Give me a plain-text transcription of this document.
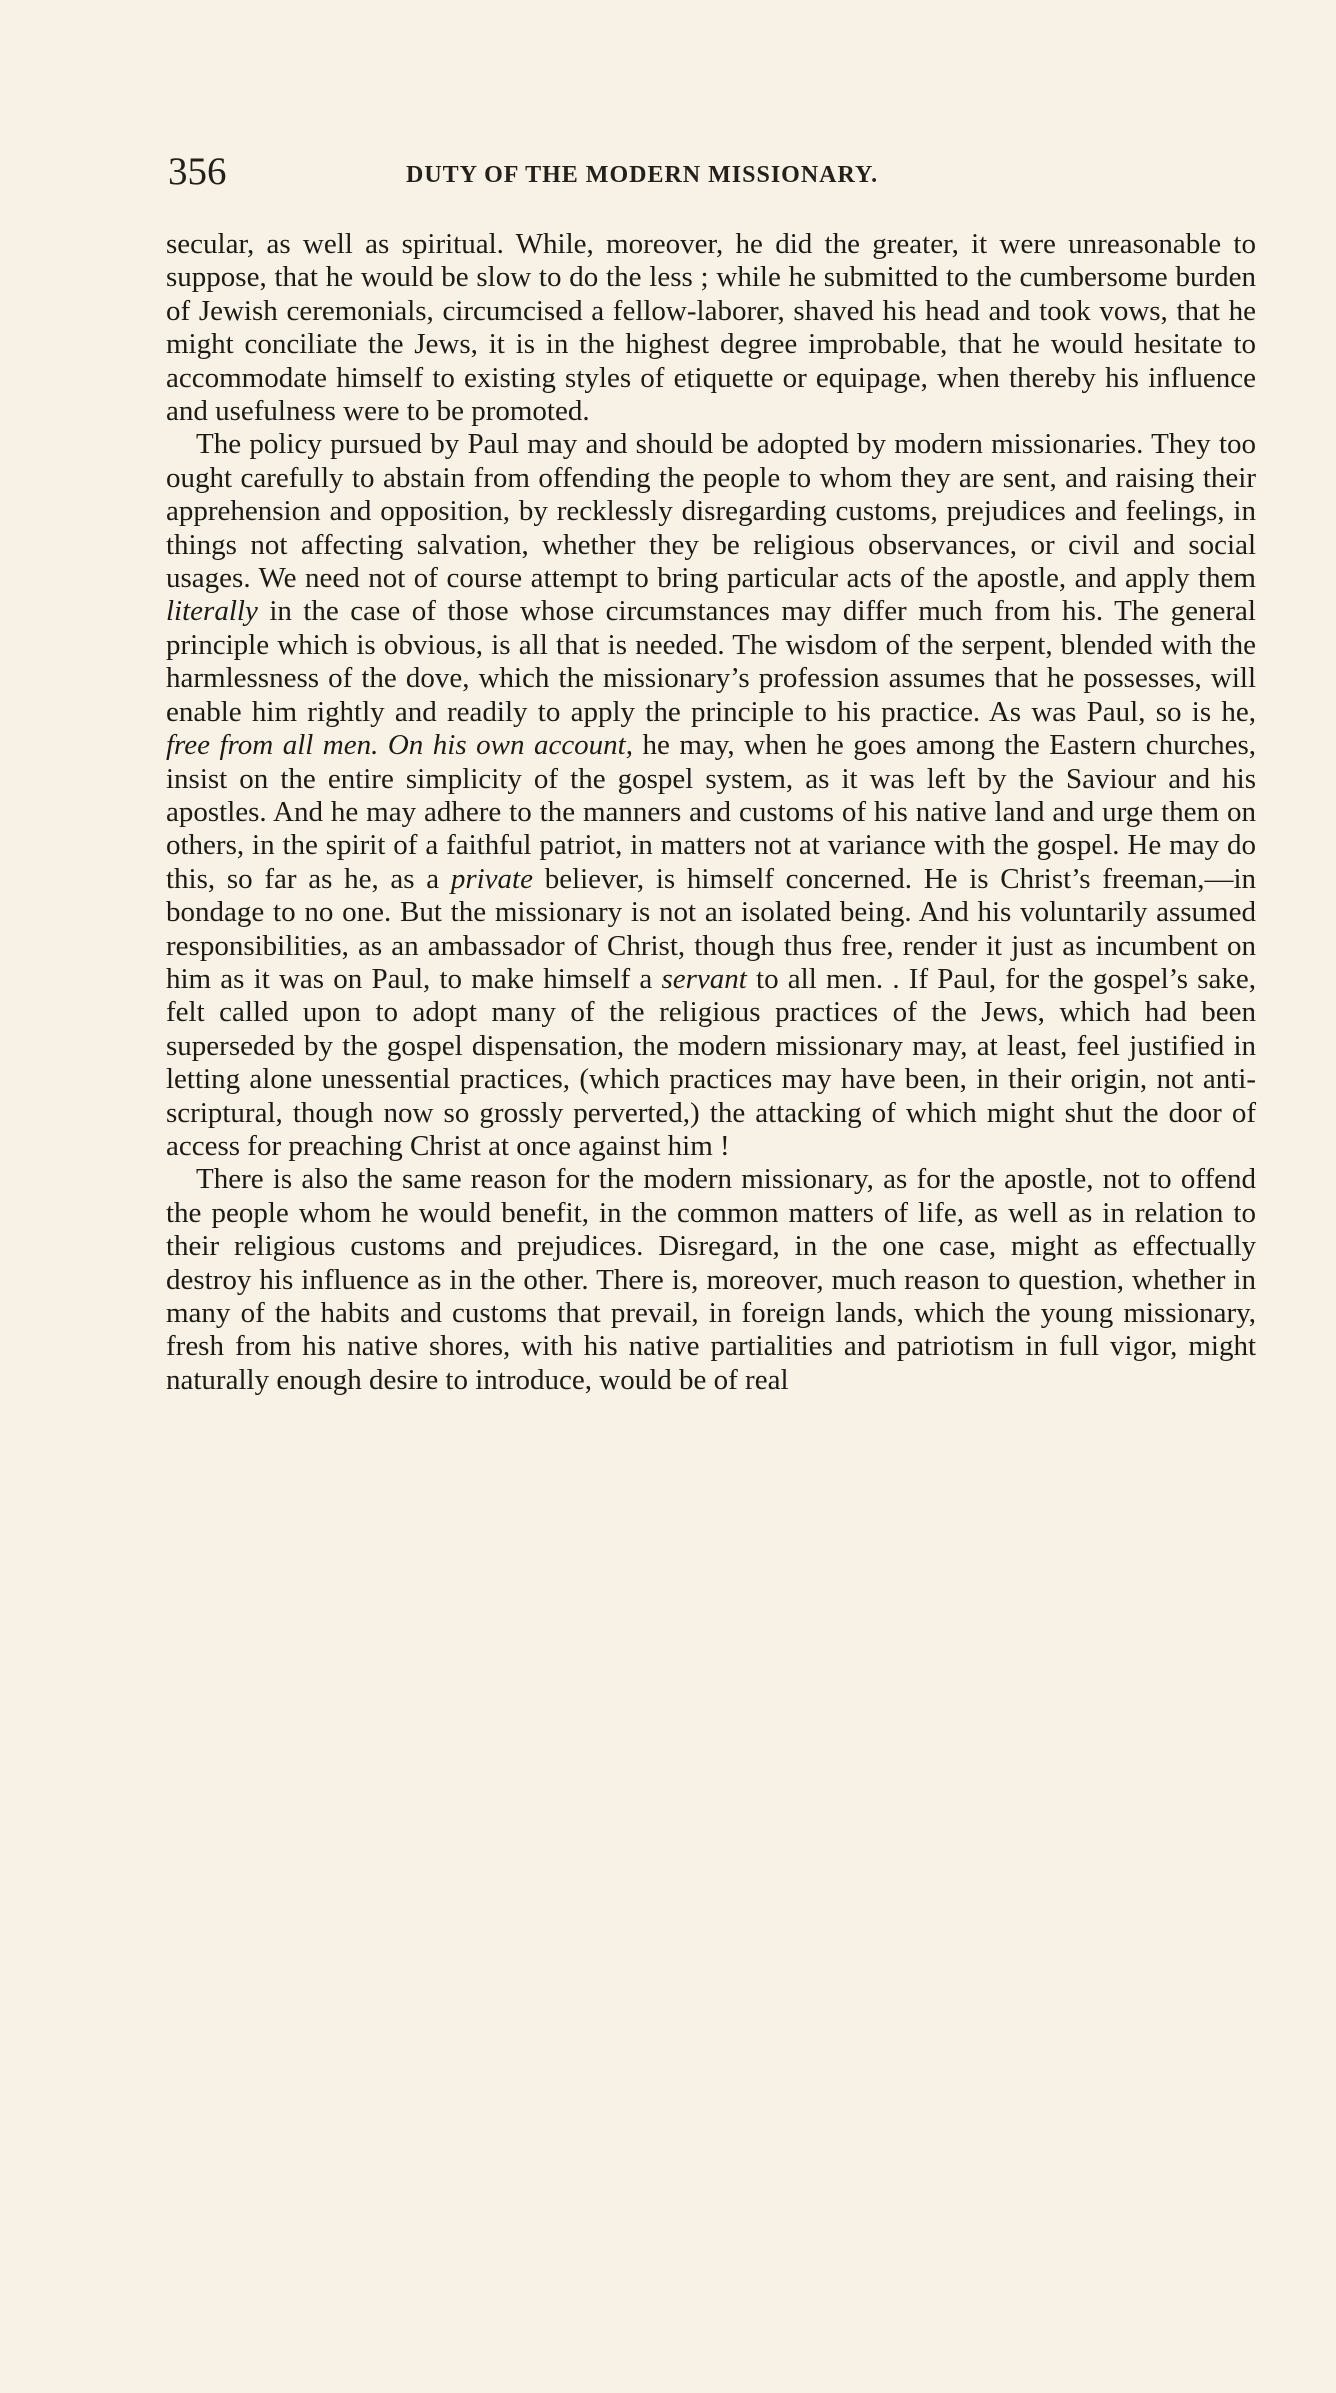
356	DUTY OF THE MODERN MISSIONARY.

secular, as well as spiritual. While, moreover, he did the greater, it were unreasonable to suppose, that he would be slow to do the less ; while he submitted to the cumbersome burden of Jewish ceremonials, circumcised a fellow-laborer, shaved his head and took vows, that he might conciliate the Jews, it is in the highest degree improbable, that he would hesitate to accommodate himself to existing styles of etiquette or equipage, when thereby his influence and usefulness were to be promoted.

The policy pursued by Paul may and should be adopted by modern missionaries. They too ought carefully to abstain from offending the people to whom they are sent, and raising their apprehension and opposition, by recklessly disregarding customs, prejudices and feelings, in things not affecting salvation, whether they be religious observances, or civil and social usages. We need not of course attempt to bring particular acts of the apostle, and apply them literally in the case of those whose circumstances may differ much from his. The general principle which is obvious, is all that is needed. The wisdom of the serpent, blended with the harmlessness of the dove, which the missionary’s profession assumes that he possesses, will enable him rightly and readily to apply the principle to his practice. As was Paul, so is he, free from all men. On his own account, he may, when he goes among the Eastern churches, insist on the entire simplicity of the gospel system, as it was left by the Saviour and his apostles. And he may adhere to the manners and customs of his native land and urge them on others, in the spirit of a faithful patriot, in matters not at variance with the gospel. He may do this, so far as he, as a private believer, is himself concerned. He is Christ’s freeman,—in bondage to no one. But the missionary is not an isolated being. And his voluntarily assumed responsibilities, as an ambassador of Christ, though thus free, render it just as incumbent on him as it was on Paul, to make himself a servant to all men. . If Paul, for the gospel’s sake, felt called upon to adopt many of the religious practices of the Jews, which had been superseded by the gospel dispensation, the modern missionary may, at least, feel justified in letting alone unessential practices, (which practices may have been, in their origin, not anti-scriptural, though now so grossly perverted,) the attacking of which might shut the door of access for preaching Christ at once against him !

There is also the same reason for the modern missionary, as for the apostle, not to offend the people whom he would benefit, in the common matters of life, as well as in relation to their religious customs and prejudices. Disregard, in the one case, might as effectually destroy his influence as in the other. There is, moreover, much reason to question, whether in many of the habits and customs that prevail, in foreign lands, which the young missionary, fresh from his native shores, with his native partialities and patriotism in full vigor, might naturally enough desire to introduce, would be of real
